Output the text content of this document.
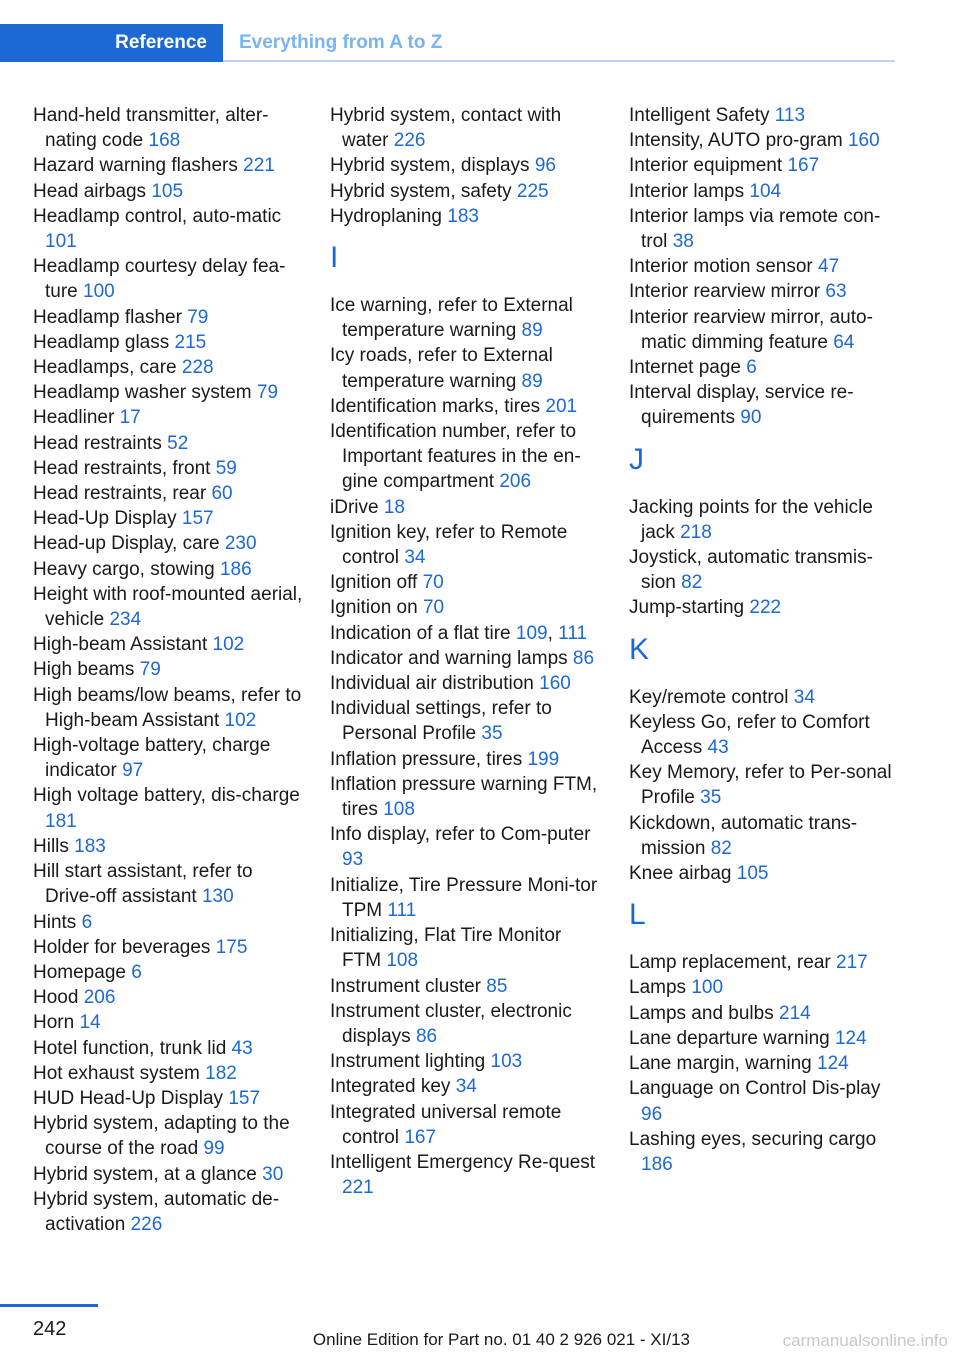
Reference	Everything from A to Z
Hand-held transmitter, alter-nating code 168
Hazard warning flashers 221
Head airbags 105
Headlamp control, auto-matic 101
Headlamp courtesy delay fea-ture 100
Headlamp flasher 79
Headlamp glass 215
Headlamps, care 228
Headlamp washer system 79
Headliner 17
Head restraints 52
Head restraints, front 59
Head restraints, rear 60
Head-Up Display 157
Head-up Display, care 230
Heavy cargo, stowing 186
Height with roof-mounted aerial, vehicle 234
High-beam Assistant 102
High beams 79
High beams/low beams, refer to High-beam Assistant 102
High-voltage battery, charge indicator 97
High voltage battery, dis-charge 181
Hills 183
Hill start assistant, refer to Drive-off assistant 130
Hints 6
Holder for beverages 175
Homepage 6
Hood 206
Horn 14
Hotel function, trunk lid 43
Hot exhaust system 182
HUD Head-Up Display 157
Hybrid system, adapting to the course of the road 99
Hybrid system, at a glance 30
Hybrid system, automatic de-activation 226
Hybrid system, contact with water 226
Hybrid system, displays 96
Hybrid system, safety 225
Hydroplaning 183
I
Ice warning, refer to External temperature warning 89
Icy roads, refer to External temperature warning 89
Identification marks, tires 201
Identification number, refer to Important features in the en-gine compartment 206
iDrive 18
Ignition key, refer to Remote control 34
Ignition off 70
Ignition on 70
Indication of a flat tire 109, 111
Indicator and warning lamps 86
Individual air distribution 160
Individual settings, refer to Personal Profile 35
Inflation pressure, tires 199
Inflation pressure warning FTM, tires 108
Info display, refer to Com-puter 93
Initialize, Tire Pressure Moni-tor TPM 111
Initializing, Flat Tire Monitor FTM 108
Instrument cluster 85
Instrument cluster, electronic displays 86
Instrument lighting 103
Integrated key 34
Integrated universal remote control 167
Intelligent Emergency Re-quest 221
Intelligent Safety 113
Intensity, AUTO pro-gram 160
Interior equipment 167
Interior lamps 104
Interior lamps via remote con-trol 38
Interior motion sensor 47
Interior rearview mirror 63
Interior rearview mirror, auto-matic dimming feature 64
Internet page 6
Interval display, service re-quirements 90
J
Jacking points for the vehicle jack 218
Joystick, automatic transmis-sion 82
Jump-starting 222
K
Key/remote control 34
Keyless Go, refer to Comfort Access 43
Key Memory, refer to Per-sonal Profile 35
Kickdown, automatic trans-mission 82
Knee airbag 105
L
Lamp replacement, rear 217
Lamps 100
Lamps and bulbs 214
Lane departure warning 124
Lane margin, warning 124
Language on Control Dis-play 96
Lashing eyes, securing cargo 186
242	Online Edition for Part no. 01 40 2 926 021 - XI/13	carmanualsonline.info
